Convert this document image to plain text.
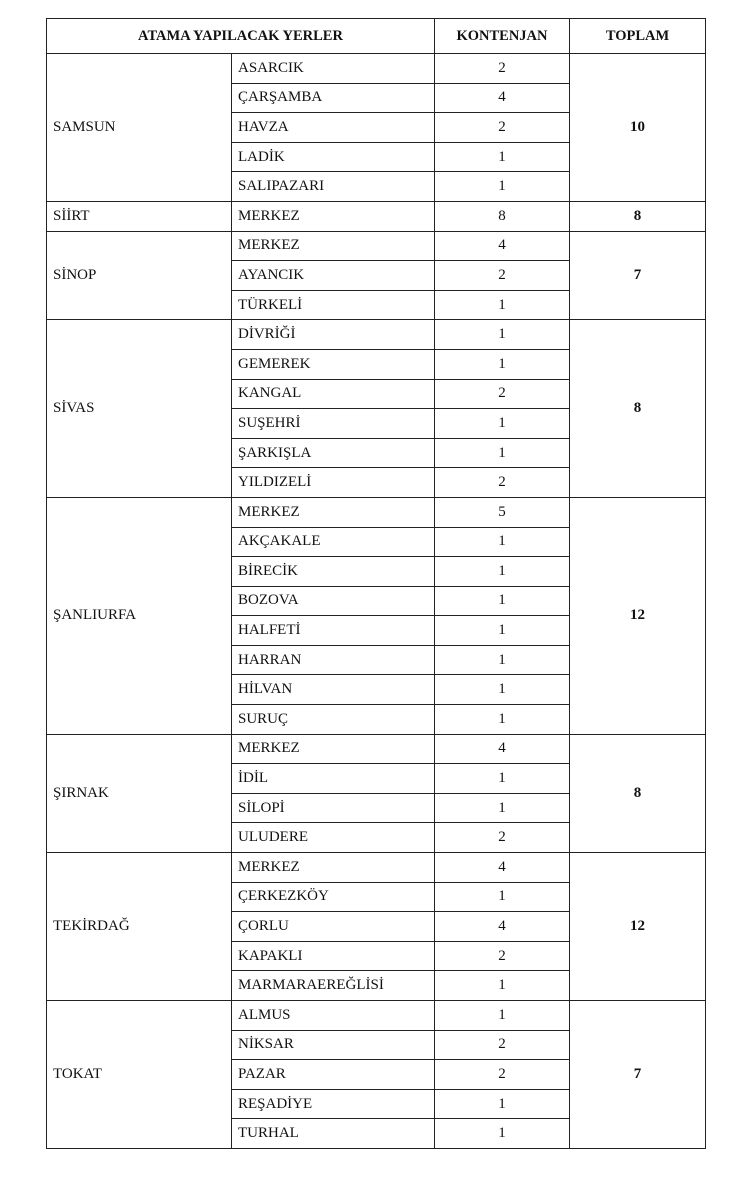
ATAMA YAPILACAK YERLER		KONTENJAN	TOPLAM
SAMSUN	ASARCIK	2	10
	ÇARŞAMBA	4	
	HAVZA	2	
	LADİK	1	
	SALIPAZARI	1	
SİİRT	MERKEZ	8	8
SİNOP	MERKEZ	4	7
	AYANCIK	2	
	TÜRKELİ	1	
SİVAS	DİVRİĞİ	1	8
	GEMEREK	1	
	KANGAL	2	
	SUŞEHRİ	1	
	ŞARKIŞLA	1	
	YILDIZELİ	2	
ŞANLIURFA	MERKEZ	5	12
	AKÇAKALE	1	
	BİRECİK	1	
	BOZOVA	1	
	HALFETİ	1	
	HARRAN	1	
	HİLVAN	1	
	SURUÇ	1	
ŞIRNAK	MERKEZ	4	8
	İDİL	1	
	SİLOPİ	1	
	ULUDERE	2	
TEKİRDAĞ	MERKEZ	4	12
	ÇERKEZKÖY	1	
	ÇORLU	4	
	KAPAKLI	2	
	MARMARAEREĞLİSİ	1	
TOKAT	ALMUS	1	7
	NİKSAR	2	
	PAZAR	2	
	REŞADİYE	1	
	TURHAL	1	
